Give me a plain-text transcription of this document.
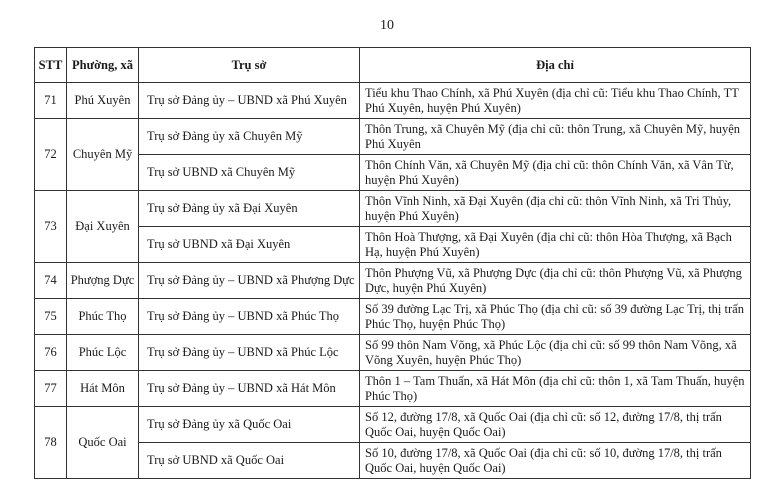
10
STT	Phường, xã	Trụ sở	Địa chỉ
71	Phú Xuyên	Trụ sở Đảng ủy – UBND xã Phú Xuyên	Tiểu khu Thao Chính, xã Phú Xuyên (địa chỉ cũ: Tiểu khu Thao Chính, TT Phú Xuyên, huyện Phú Xuyên)
72	Chuyên Mỹ	Trụ sở Đảng ủy xã Chuyên Mỹ	Thôn Trung, xã Chuyên Mỹ (địa chỉ cũ: thôn Trung, xã Chuyên Mỹ, huyện Phú Xuyên
		Trụ sở UBND xã Chuyên Mỹ	Thôn Chính Văn, xã Chuyên Mỹ (địa chỉ cũ: thôn Chính Văn, xã Vân Từ, huyện Phú Xuyên)
73	Đại Xuyên	Trụ sở Đảng ủy xã Đại Xuyên	Thôn Vĩnh Ninh, xã Đại Xuyên (địa chỉ cũ: thôn Vĩnh Ninh, xã Tri Thủy, huyện Phú Xuyên)
		Trụ sở UBND xã Đại Xuyên	Thôn Hoà Thượng, xã Đại Xuyên (địa chỉ cũ: thôn Hòa Thượng, xã Bạch Hạ, huyện Phú Xuyên)
74	Phượng Dực	Trụ sở Đảng ủy – UBND xã Phượng Dực	Thôn Phượng Vũ, xã Phượng Dực (địa chỉ cũ: thôn Phượng Vũ, xã Phượng Dực, huyện Phú Xuyên)
75	Phúc Thọ	Trụ sở Đảng ủy – UBND xã Phúc Thọ	Số 39 đường Lạc Trị, xã Phúc Thọ (địa chỉ cũ: số 39 đường Lạc Trị, thị trấn Phúc Thọ, huyện Phúc Thọ)
76	Phúc Lộc	Trụ sở Đảng ủy – UBND xã Phúc Lộc	Số 99 thôn Nam Võng, xã Phúc Lộc (địa chỉ cũ: số 99 thôn Nam Võng, xã Võng Xuyên, huyện Phúc Thọ)
77	Hát Môn	Trụ sở Đảng ủy – UBND xã Hát Môn	Thôn 1 – Tam Thuấn, xã Hát Môn (địa chỉ cũ: thôn 1, xã Tam Thuấn, huyện Phúc Thọ)
78	Quốc Oai	Trụ sở Đảng ủy xã Quốc Oai	Số 12, đường 17/8, xã Quốc Oai (địa chỉ cũ: số 12, đường 17/8, thị trấn Quốc Oai, huyện Quốc Oai)
		Trụ sở UBND xã Quốc Oai	Số 10, đường 17/8, xã Quốc Oai (địa chỉ cũ: số 10, đường 17/8, thị trấn Quốc Oai, huyện Quốc Oai)
